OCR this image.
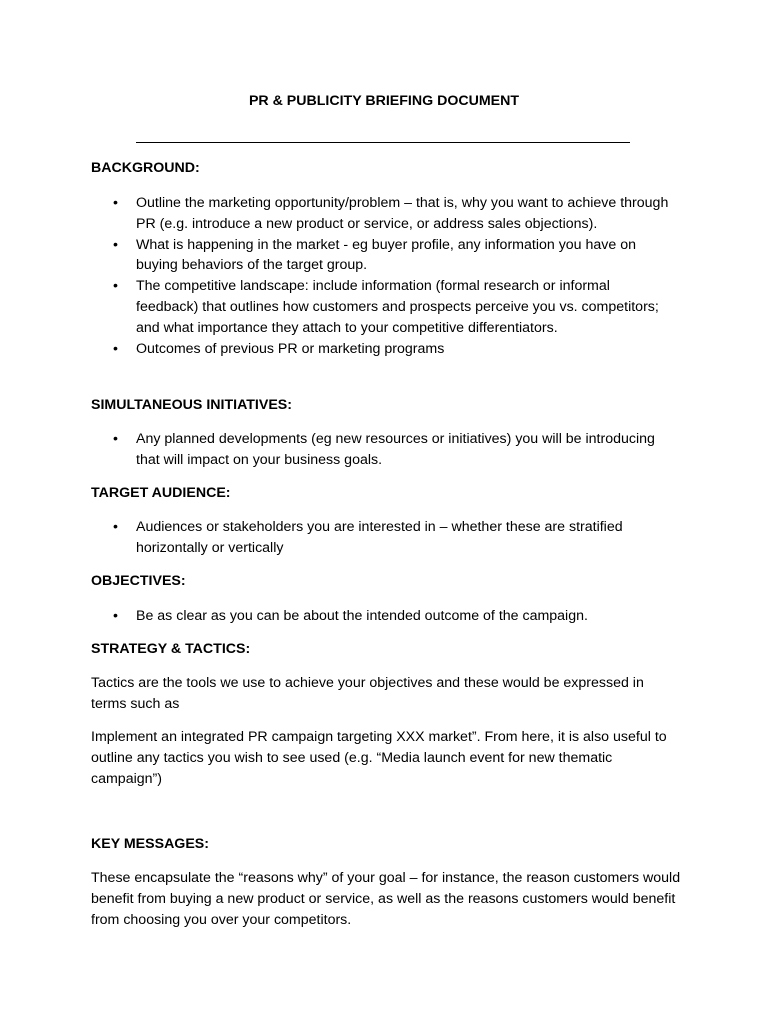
PR & PUBLICITY BRIEFING DOCUMENT
BACKGROUND:
• Outline the marketing opportunity/problem – that is, why you want to achieve through PR (e.g. introduce a new product or service, or address sales objections).
• What is happening in the market - eg buyer profile, any information you have on buying behaviors of the target group.
• The competitive landscape: include information (formal research or informal feedback) that outlines how customers and prospects perceive you vs. competitors; and what importance they attach to your competitive differentiators.
• Outcomes of previous PR or marketing programs
SIMULTANEOUS INITIATIVES:
• Any planned developments (eg new resources or initiatives) you will be introducing that will impact on your business goals.
TARGET AUDIENCE:
• Audiences or stakeholders you are interested in – whether these are stratified horizontally or vertically
OBJECTIVES:
• Be as clear as you can be about the intended outcome of the campaign.
STRATEGY & TACTICS:
Tactics are the tools we use to achieve your objectives and these would be expressed in terms such as
Implement an integrated PR campaign targeting XXX market”. From here, it is also useful to outline any tactics you wish to see used (e.g. “Media launch event for new thematic campaign”)
KEY MESSAGES:
These encapsulate the “reasons why” of your goal – for instance, the reason customers would benefit from buying a new product or service, as well as the reasons customers would benefit from choosing you over your competitors.
